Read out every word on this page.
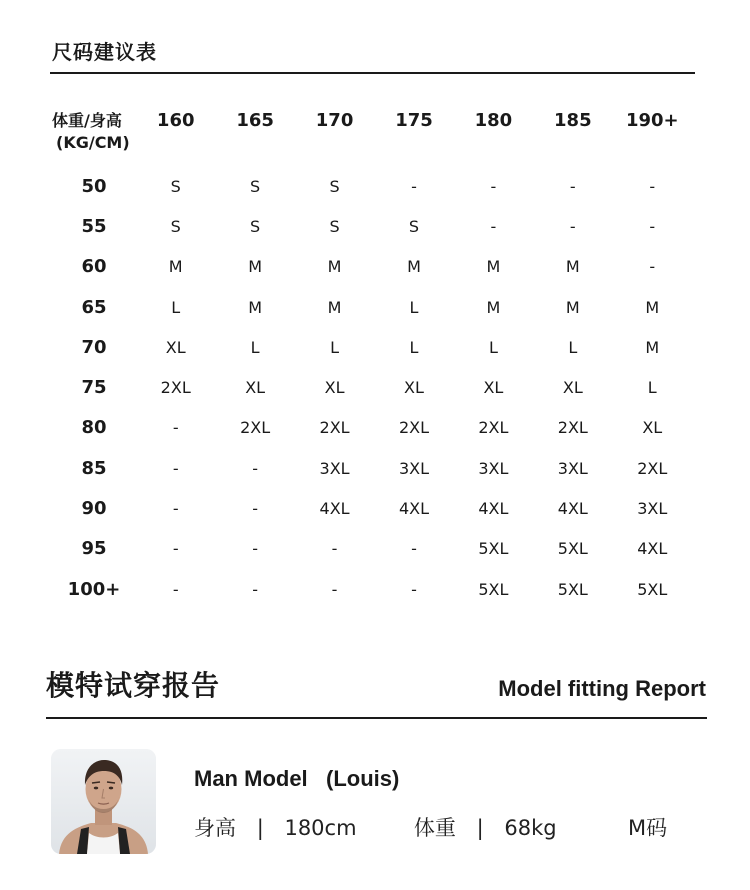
尺码建议表
体重/身高
(KG/CM)	160	165	170	175	180	185	190+
50	S	S	S	-	-	-	-
55	S	S	S	S	-	-	-
60	M	M	M	M	M	M	-
65	L	M	M	L	M	M	M
70	XL	L	L	L	L	L	M
75	2XL	XL	XL	XL	XL	XL	L
80	-	2XL	2XL	2XL	2XL	2XL	XL
85	-	-	3XL	3XL	3XL	3XL	2XL
90	-	-	4XL	4XL	4XL	4XL	3XL
95	-	-	-	-	5XL	5XL	4XL
100+	-	-	-	-	5XL	5XL	5XL
模特试穿报告	Model fitting Report
Man Model   (Louis)
身高 | 180cm	体重 | 68kg	M码
